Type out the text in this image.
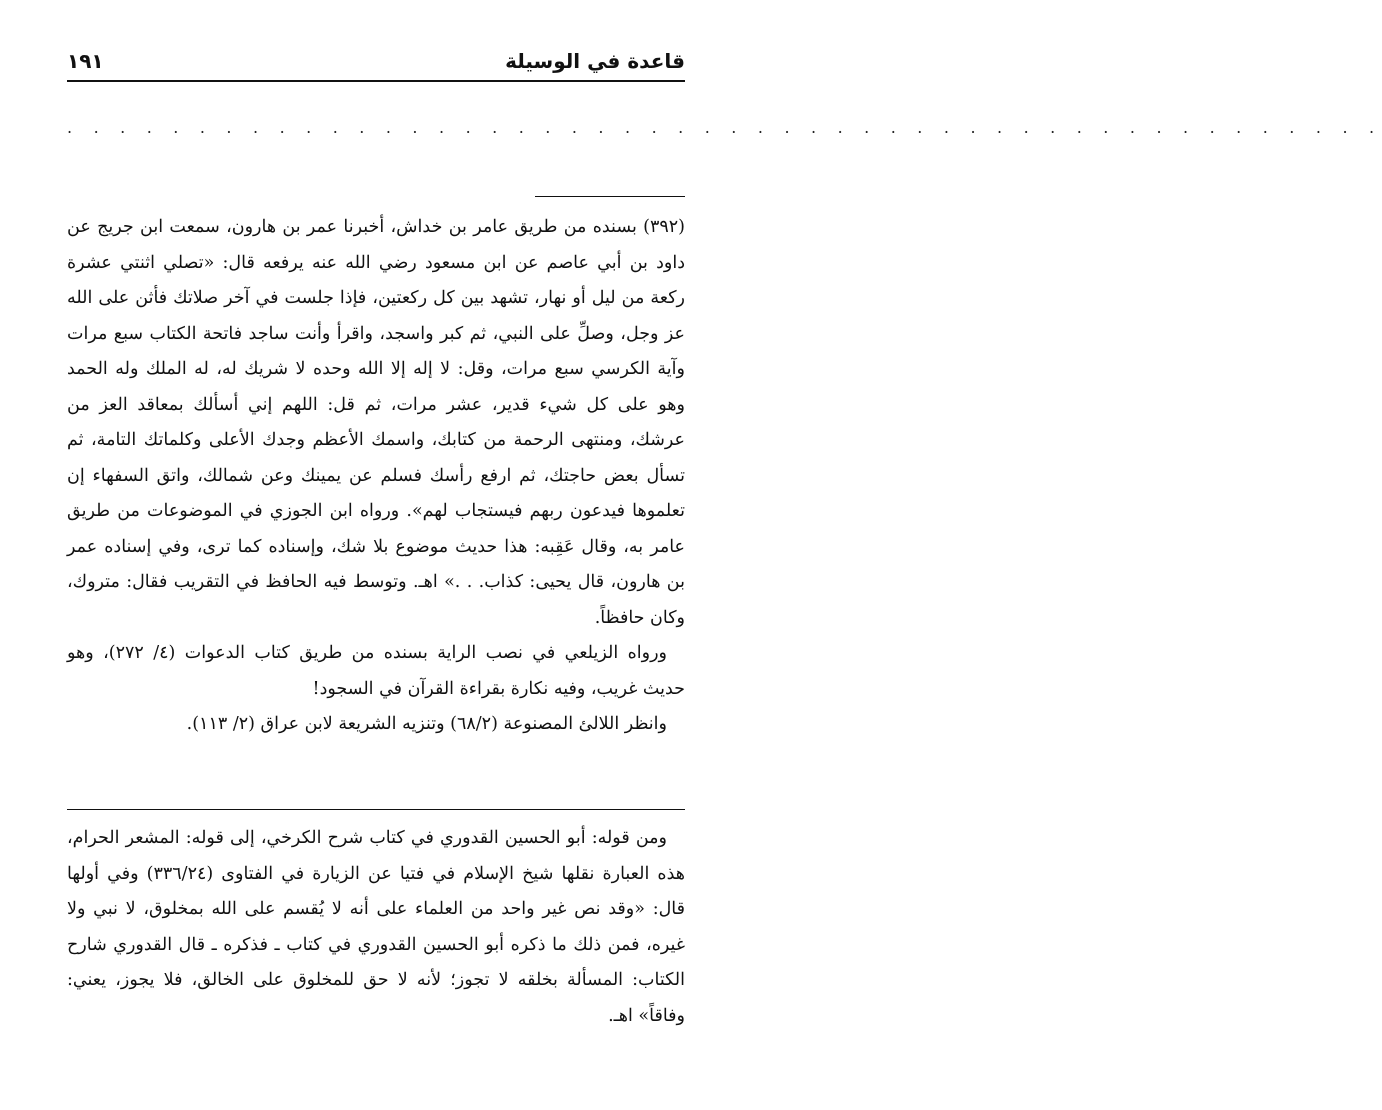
قاعدة في الوسيلة
١٩١
. . . . . . . . . . . . . . . . . . . . . . . . . . . . . . . . . . . . . . . . . . . . . . . . . .

(٣٩٢) بسنده من طريق عامر بن خداش، أخبرنا عمر بن هارون، سمعت ابن جريج عن داود بن أبي عاصم عن ابن مسعود رضي الله عنه يرفعه قال: «تصلي اثنتي عشرة ركعة من ليل أو نهار، تشهد بين كل ركعتين، فإذا جلست في آخر صلاتك فأثن على الله عز وجل، وصلِّ على النبي، ثم كبر واسجد، واقرأ وأنت ساجد فاتحة الكتاب سبع مرات وآية الكرسي سبع مرات، وقل: لا إله إلا الله وحده لا شريك له، له الملك وله الحمد وهو على كل شيء قدير، عشر مرات، ثم قل: اللهم إني أسألك بمعاقد العز من عرشك، ومنتهى الرحمة من كتابك، واسمك الأعظم وجدك الأعلى وكلماتك التامة، ثم تسأل بعض حاجتك، ثم ارفع رأسك فسلم عن يمينك وعن شمالك، واتق السفهاء إن تعلموها فيدعون ربهم فيستجاب لهم». ورواه ابن الجوزي في الموضوعات من طريق عامر به، وقال عَقِبه: هذا حديث موضوع بلا شك، وإسناده كما ترى، وفي إسناده عمر بن هارون، قال يحيى: كذاب. . .» اهـ. وتوسط فيه الحافظ في التقريب فقال: متروك، وكان حافظاً.

ورواه الزيلعي في نصب الراية بسنده من طريق كتاب الدعوات (٤/ ٢٧٢)، وهو حديث غريب، وفيه نكارة بقراءة القرآن في السجود!

وانظر اللالئ المصنوعة (٦٨/٢) وتنزيه الشريعة لابن عراق (٢/ ١١٣).

ومن قوله: أبو الحسين القدوري في كتاب شرح الكرخي، إلى قوله: المشعر الحرام، هذه العبارة نقلها شيخ الإسلام في فتيا عن الزيارة في الفتاوى (٣٣٦/٢٤) وفي أولها قال: «وقد نص غير واحد من العلماء على أنه لا يُقسم على الله بمخلوق، لا نبي ولا غيره، فمن ذلك ما ذكره أبو الحسين القدوري في كتاب ـ فذكره ـ قال القدوري شارح الكتاب: المسألة بخلقه لا تجوز؛ لأنه لا حق للمخلوق على الخالق، فلا يجوز، يعني: وفاقاً» اهـ.
